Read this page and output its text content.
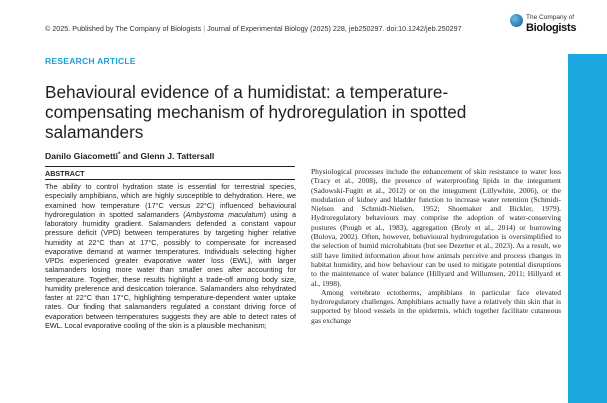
© 2025. Published by The Company of Biologists | Journal of Experimental Biology (2025) 228, jeb250297. doi:10.1242/jeb.250297
The Company of
Biologists
RESEARCH ARTICLE
Behavioural evidence of a humidistat: a temperature-compensating mechanism of hydroregulation in spotted salamanders
Danilo Giacometti* and Glenn J. Tattersall
ABSTRACT

The ability to control hydration state is essential for terrestrial species, especially amphibians, which are highly susceptible to dehydration. Here, we examined how temperature (17°C versus 22°C) influenced behavioural hydroregulation in spotted salamanders (Ambystoma maculatum) using a laboratory humidity gradient. Salamanders defended a constant vapour pressure deficit (VPD) between temperatures by targeting higher relative humidity at 22°C than at 17°C, possibly to compensate for increased evaporative demand at warmer temperatures. Individuals selecting higher VPDs experienced greater evaporative water loss (EWL), with larger salamanders losing more water than smaller ones after accounting for temperature. Together, these results highlight a trade-off among body size, humidity preference and desiccation tolerance. Salamanders also rehydrated faster at 22°C than 17°C, highlighting temperature-dependent water uptake rates. Our finding that salamanders regulated a constant driving force of evaporation between temperatures suggests they are able to detect rates of EWL. Local evaporative cooling of the skin is a plausible mechanism;

Physiological processes include the enhancement of skin resistance to water loss (Tracy et al., 2008), the presence of waterproofing lipids in the integument (Sadowski-Fugitt et al., 2012) or on the integument (Lillywhite, 2006), or the modulation of kidney and bladder function to increase water retention (Schmidt-Nielsen and Schmidt-Nielsen, 1952; Shoemaker and Bickler, 1979). Hydroregulatory behaviours may comprise the adoption of water-conserving postures (Pough et al., 1983), aggregation (Broly et al., 2014) or burrowing (Bulova, 2002). Often, however, behavioural hydroregulation is oversimplified to the selection of humid microhabitats (but see Dezetter et al., 2023). As a result, we still have limited information about how animals perceive and process changes in habitat humidity, and how behaviour can be used to mitigate potential disruptions to the maintenance of water balance (Hillyard and Willumsen, 2011; Hillyard et al., 1998).

Among vertebrate ectotherms, amphibians in particular face elevated hydroregulatory challenges. Amphibians actually have a relatively thin skin that is supported by blood vessels in the epidermis, which together facilitate cutaneous gas exchange
